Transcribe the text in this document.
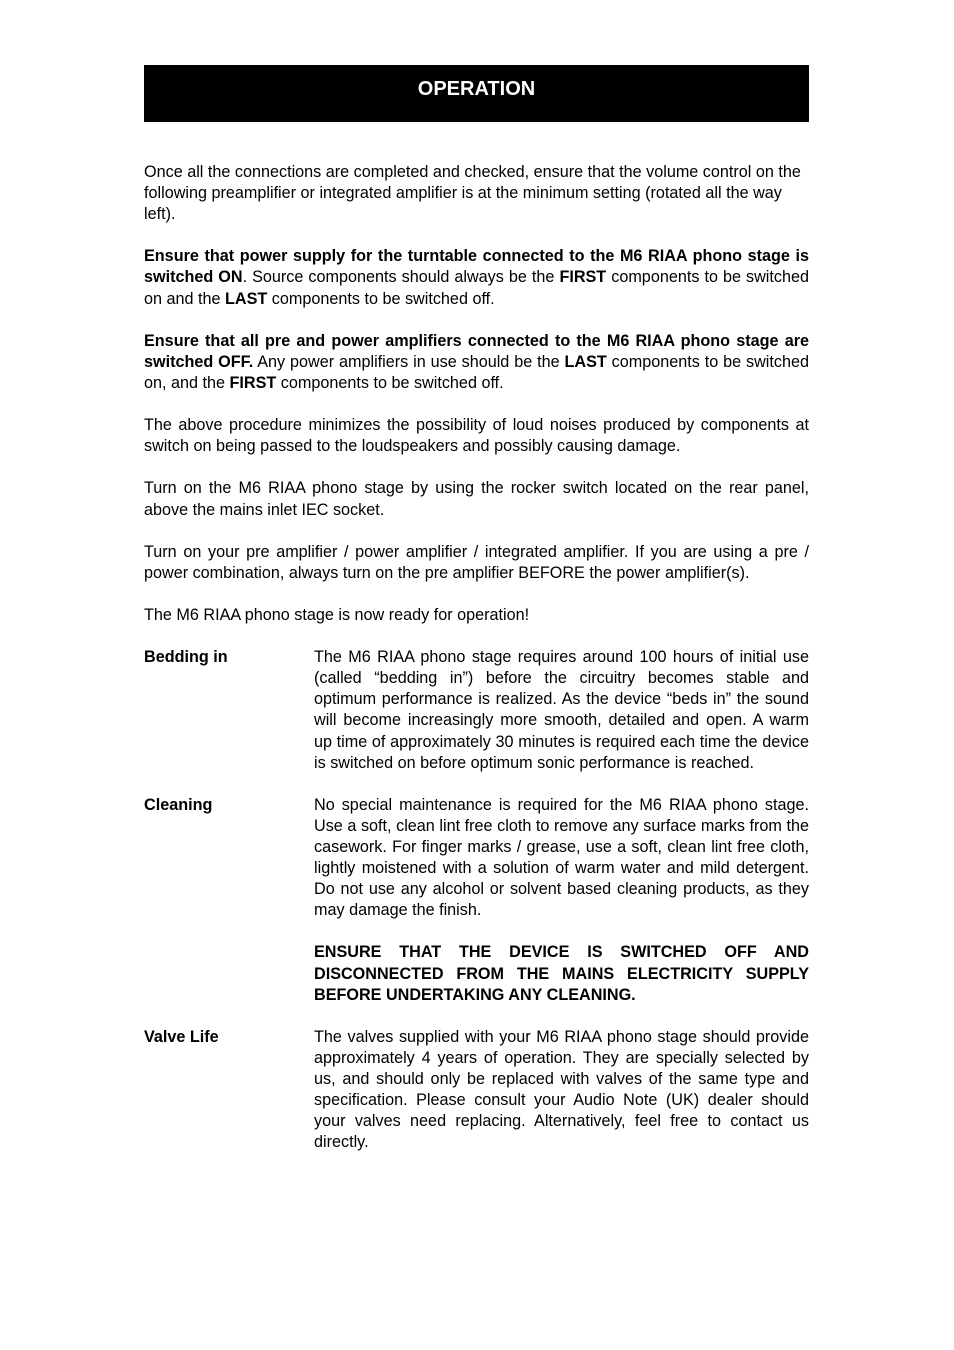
OPERATION

Once all the connections are completed and checked, ensure that the volume control on the following preamplifier or integrated amplifier is at the minimum setting (rotated all the way left).

Ensure that power supply for the turntable connected to the M6 RIAA phono stage is switched ON. Source components should always be the FIRST components to be switched on and the LAST components to be switched off.

Ensure that all pre and power amplifiers connected to the M6 RIAA phono stage are switched OFF. Any power amplifiers in use should be the LAST components to be switched on, and the FIRST components to be switched off.

The above procedure minimizes the possibility of loud noises produced by components at switch on being passed to the loudspeakers and possibly causing damage.

Turn on the M6 RIAA phono stage by using the rocker switch located on the rear panel, above the mains inlet IEC socket.

Turn on your pre amplifier / power amplifier / integrated amplifier. If you are using a pre / power combination, always turn on the pre amplifier BEFORE the power amplifier(s).

The M6 RIAA phono stage is now ready for operation!

Bedding in	The M6 RIAA phono stage requires around 100 hours of initial use (called “bedding in”) before the circuitry becomes stable and optimum performance is realized. As the device “beds in” the sound will become increasingly more smooth, detailed and open. A warm up time of approximately 30 minutes is required each time the device is switched on before optimum sonic performance is reached.

Cleaning	No special maintenance is required for the M6 RIAA phono stage. Use a soft, clean lint free cloth to remove any surface marks from the casework. For finger marks / grease, use a soft, clean lint free cloth, lightly moistened with a solution of warm water and mild detergent. Do not use any alcohol or solvent based cleaning products, as they may damage the finish.

ENSURE THAT THE DEVICE IS SWITCHED OFF AND DISCONNECTED FROM THE MAINS ELECTRICITY SUPPLY BEFORE UNDERTAKING ANY CLEANING.

Valve Life	The valves supplied with your M6 RIAA phono stage should provide approximately 4 years of operation. They are specially selected by us, and should only be replaced with valves of the same type and specification. Please consult your Audio Note (UK) dealer should your valves need replacing. Alternatively, feel free to contact us directly.
